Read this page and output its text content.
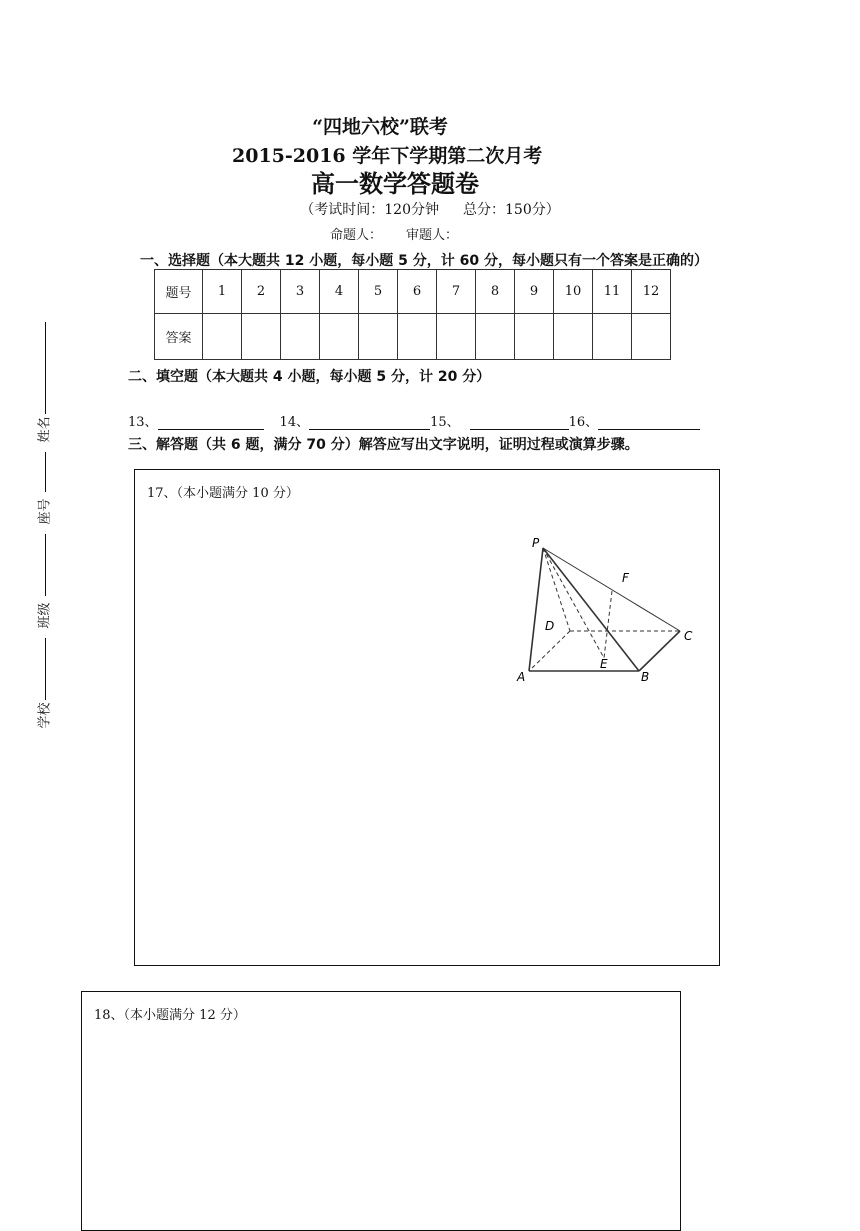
“四地六校”联考
2015-2016 学年下学期第二次月考
高一数学答题卷
（考试时间：120分钟 总分：150分）
命题人： 审题人：
一、选择题（本大题共 12 小题，每小题 5 分，计 60 分，每小题只有一个答案是正确的）
题号	1	2	3	4	5	6	7	8	9	10	11	12
答案												
二、填空题（本大题共 4 小题，每小题 5 分，计 20 分）
13、	14、	15、	16、
三、解答题（共 6 题，满分 70 分）解答应写出文字说明，证明过程或演算步骤。
17、（本小题满分 10 分）
P
F
D
C
E
A	B
18、（本小题满分 12 分）
姓名
座号
班级
学校
